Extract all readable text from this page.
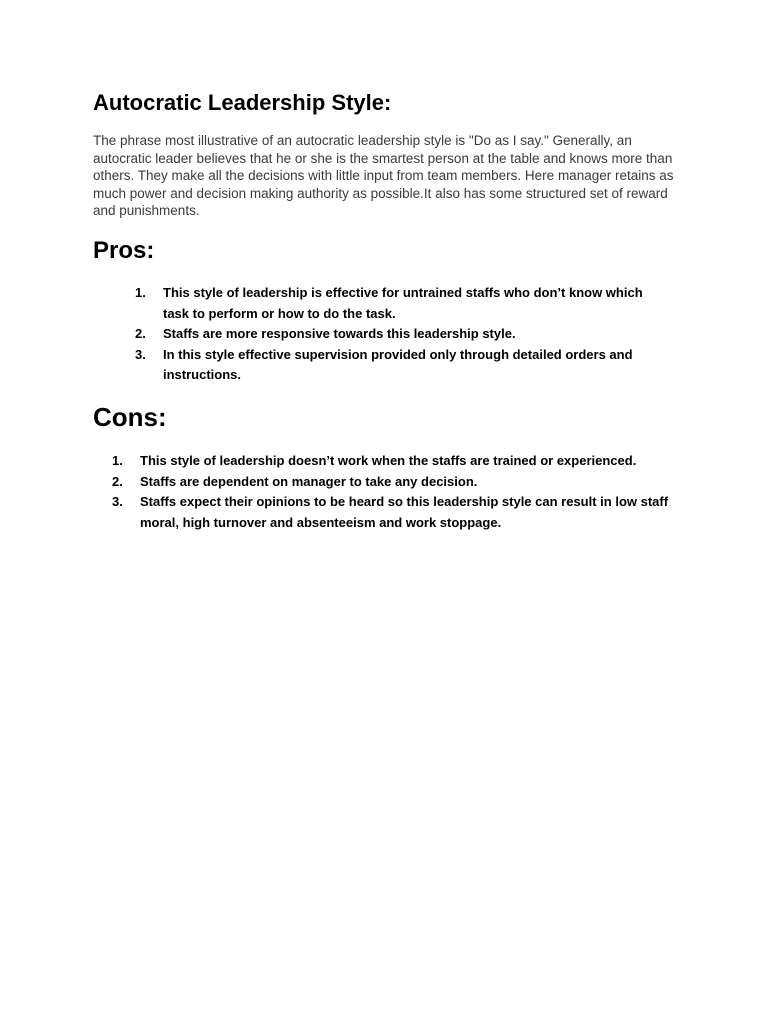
Autocratic Leadership Style:

The phrase most illustrative of an autocratic leadership style is "Do as I say." Generally, an autocratic leader believes that he or she is the smartest person at the table and knows more than others. They make all the decisions with little input from team members. Here manager retains as much power and decision making authority as possible.It also has some structured set of reward and punishments.

Pros:
1.	This style of leadership is effective for untrained staffs who don’t know which task to perform or how to do the task.
2.	Staffs are more responsive towards this leadership style.
3.	In this style effective supervision provided only through detailed orders and instructions.
Cons:
1.	This style of leadership doesn’t work when the staffs are trained or experienced.
2.	Staffs are dependent on manager to take any decision.
3.	Staffs expect their opinions to be heard so this leadership style can result in low staff moral, high turnover and absenteeism and work stoppage.
